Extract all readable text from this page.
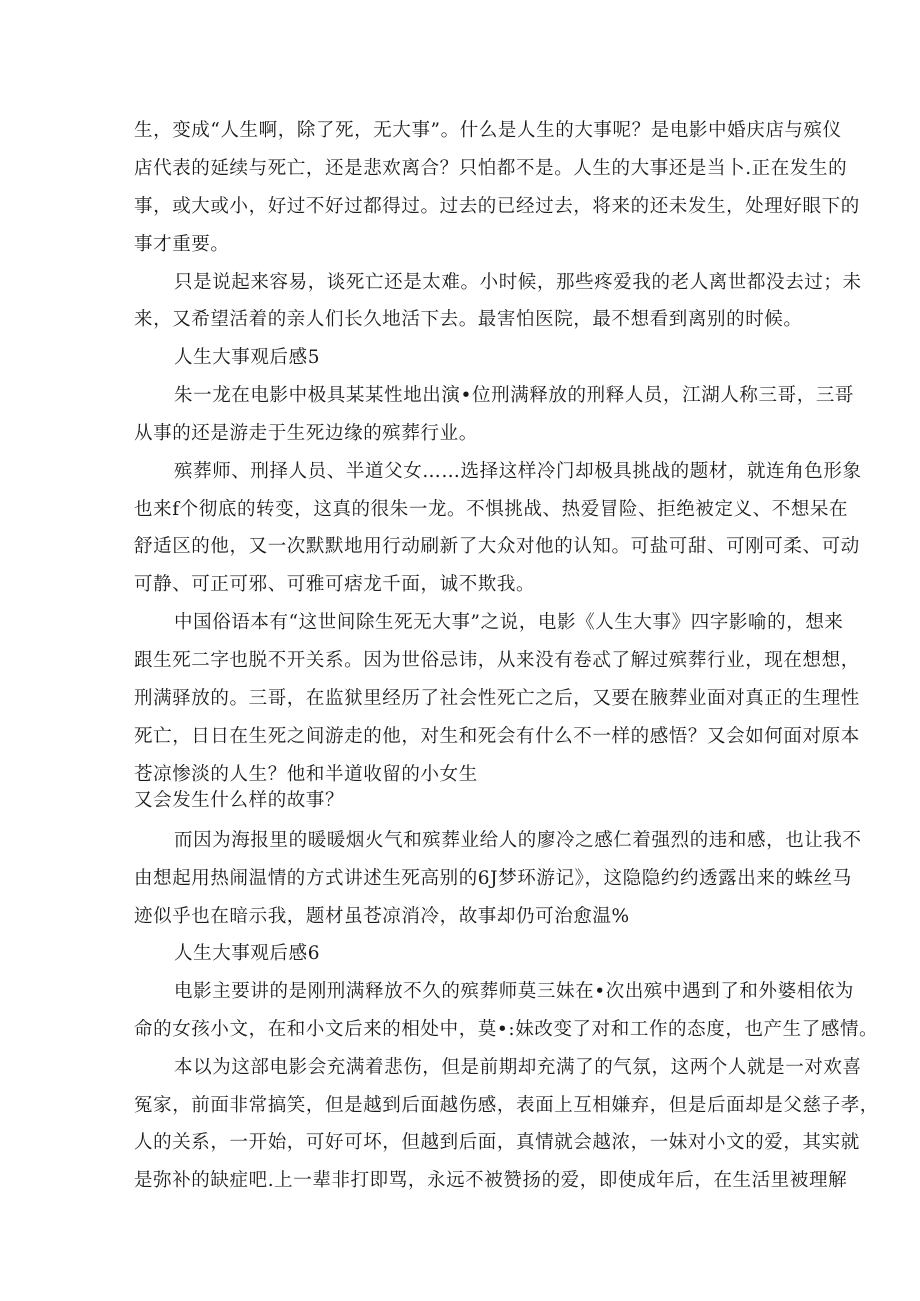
生，变成“人生啊，除了死，无大事”。什么是人生的大事呢？是电影中婚庆店与殡仪
店代表的延续与死亡，还是悲欢离合？只怕都不是。人生的大事还是当卜.正在发生的
事，或大或小，好过不好过都得过。过去的已经过去，将来的还未发生，处理好眼下的
事才重要。
只是说起来容易，谈死亡还是太难。小时候，那些疼爱我的老人离世都没去过；未
来，又希望活着的亲人们长久地活下去。最害怕医院，最不想看到离别的时候。
人生大事观后感5
朱一龙在电影中极具某某性地出演•位刑满释放的刑释人员，江湖人称三哥，三哥
从事的还是游走于生死边缘的殡葬行业。
殡葬师、刑择人员、半道父女……选择这样冷门却极具挑战的题材，就连角色形象
也来f个彻底的转变，这真的很朱一龙。不惧挑战、热爱冒险、拒绝被定义、不想呆在
舒适区的他，又一次默默地用行动刷新了大众对他的认知。可盐可甜、可刚可柔、可动
可静、可正可邪、可雅可痞龙千面，诚不欺我。
中国俗语本有“这世间除生死无大事”之说，电影《人生大事》四字影喻的，想来
跟生死二字也脱不开关系。因为世俗忌讳，从来没有卷忒了解过殡葬行业，现在想想，
刑满驿放的。三哥，在监狱里经历了社会性死亡之后，又要在腋葬业面对真正的生理性
死亡，日日在生死之间游走的他，对生和死会有什么不一样的感悟？又会如何面对原本
苍凉惨淡的人生？他和半道收留的小女生
又会发生什么样的故事？
而因为海报里的暖暖烟火气和殡葬业给人的廖冷之感仁着强烈的违和感，也让我不
由想起用热闹温情的方式讲述生死高别的6J梦环游记》，这隐隐约约透露出来的蛛丝马
迹似乎也在暗示我，题材虽苍凉消冷，故事却仍可治愈温%
人生大事观后感6
电影主要讲的是刚刑满释放不久的殡葬师莫三妹在•次出殡中遇到了和外婆相依为
命的女孩小文，在和小文后来的相处中，莫•:妹改变了对和工作的态度，也产生了感情。
本以为这部电影会充满着悲伤，但是前期却充满了的气氛，这两个人就是一对欢喜
冤家，前面非常搞笑，但是越到后面越伤感，表面上互相嫌弃，但是后面却是父慈子孝，
人的关系，一开始，可好可坏，但越到后面，真情就会越浓，一妹对小文的爱，其实就
是弥补的缺症吧.上一辈非打即骂，永远不被赞扬的爱，即使成年后，在生活里被理解
